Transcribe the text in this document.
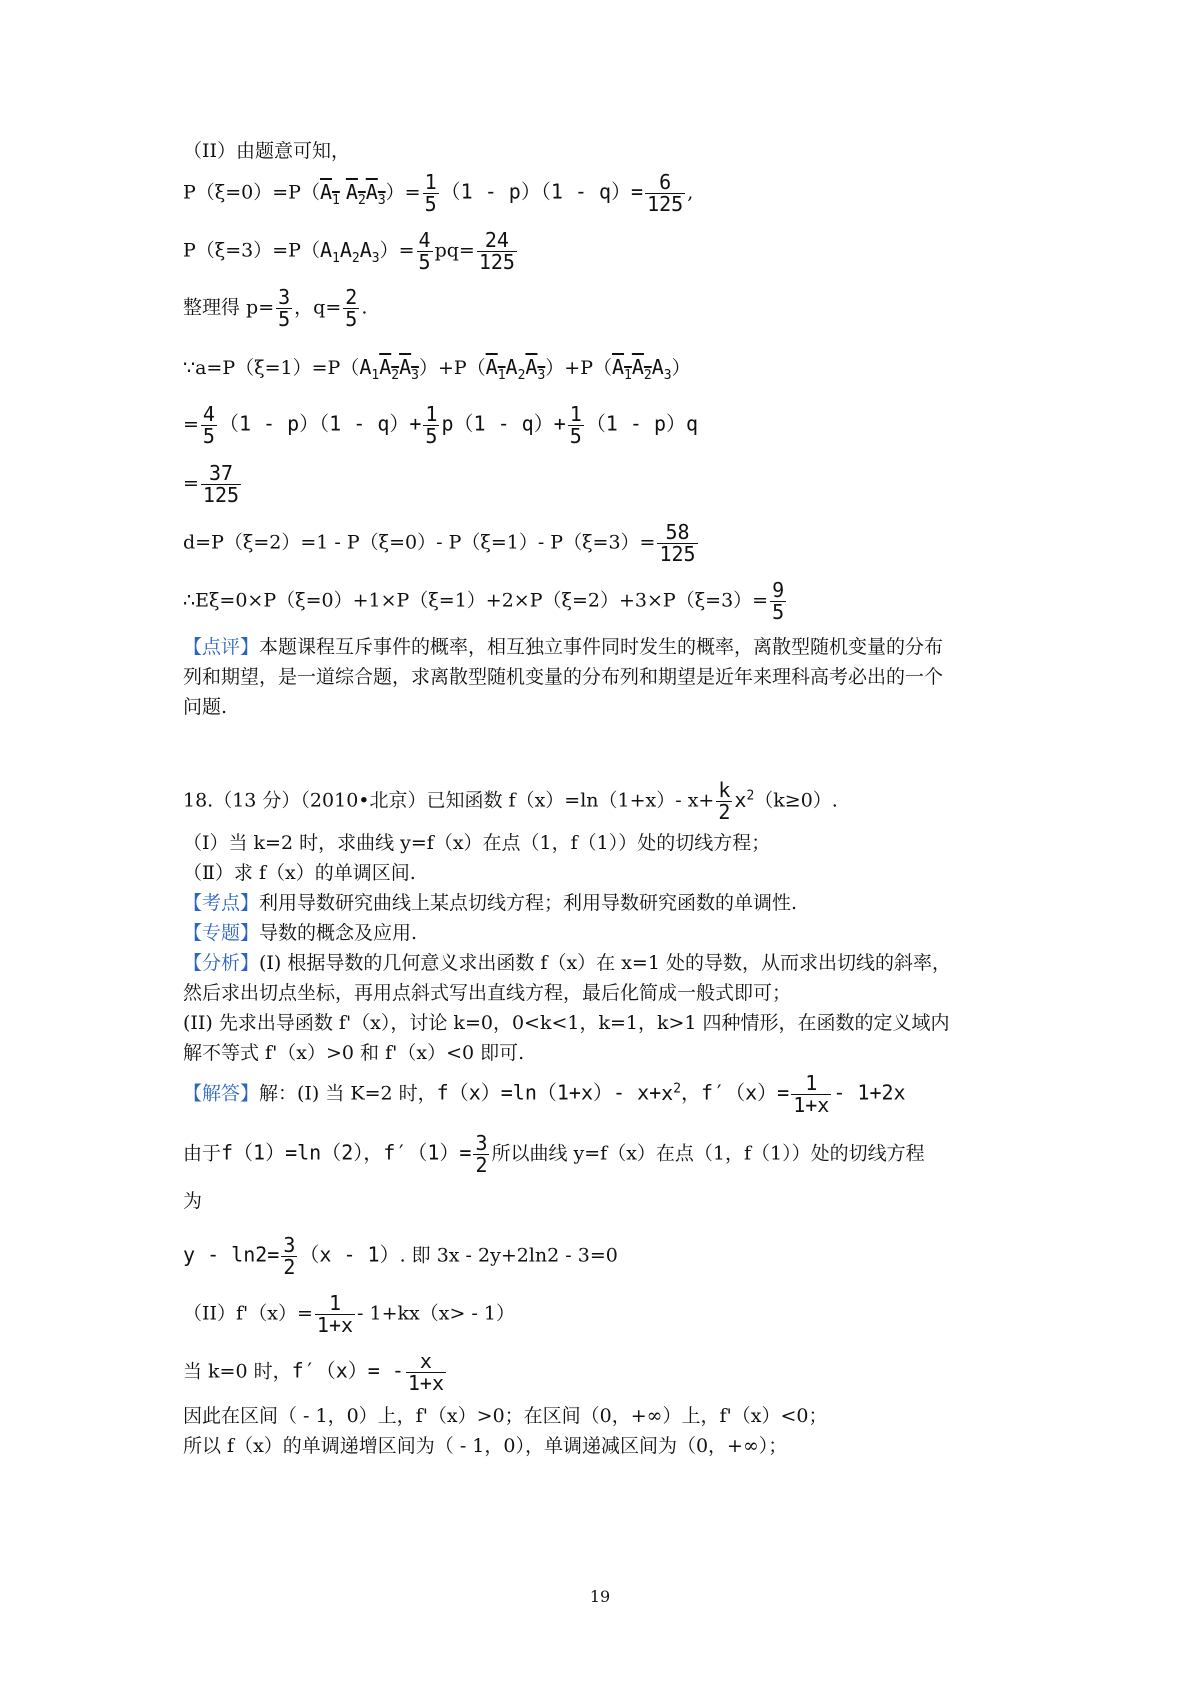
（II）由题意可知，
$P(\xi=0)=P(A_1$ $A_2A_3)= \frac{1}{5} (1 - p)(1 - q)= \frac{6}{125}$ ,
$P(\xi=3)=P(A_1A_2A_3)= \frac{4}{5} pq= \frac{24}{125}$
整理得 $p= \frac{3}{5}$ ，$q= \frac{2}{5}$ .
$\because a=P(\xi=1)=P(A_1A_2A_3)+P(A_1A_2A_3)+P(A_1A_2A_3)$
= $\frac{4}{5} (1 - p)(1 - q)+ \frac{1}{5} p(1 - q)+ \frac{1}{5} (1 - p)q$
= $\frac{37}{125}$
d=P（ξ=2）=1 - P（ξ=0）- P（ξ=1）- $P(\xi=3)= \frac{58}{125}$
∴Eξ=0×P（ξ=0）+1×P（ξ=1）+2×P（ξ=2）+3×P（ξ=3）= $\frac{9}{5}$
【点评】本题课程互斥事件的概率，相互独立事件同时发生的概率，离散型随机变量的分布
列和期望，是一道综合题，求离散型随机变量的分布列和期望是近年来理科高考必出的一个
问题.
18.（13 分）（2010•北京）已知函数 f（x）=ln（1+x）- $x+ \frac{k}{2} x^2(k\ge 0)$.
（Ⅰ）当 k=2 时，求曲线 y=f（x）在点（1，f（1））处的切线方程；
（Ⅱ）求 f（x）的单调区间.
【考点】利用导数研究曲线上某点切线方程；利用导数研究函数的单调性.
【专题】导数的概念及应用.
【分析】(I) 根据导数的几何意义求出函数 f（x）在 x=1 处的导数，从而求出切线的斜率，
然后求出切点坐标，再用点斜式写出直线方程，最后化简成一般式即可；
(II) 先求出导函数 f'（x），讨论 k=0，0<k<1，k=1，k>1 四种情形，在函数的定义域内
解不等式 f'（x）>0 和 f'（x）<0 即可.
【解答】解：(I) 当 K=2 时，f（x）=ln（1+x）- $x+x^2$，$f'(x)= \frac{1}{1+x} - 1+2x$
由于f（1）=ln（2），$f'(1)= \frac{3}{2}$ 所以曲线 y=f（x）在点（1，f（1））处的切线方程
为
$y - \ln 2= \frac{3}{2} (x - 1)$. 即 3x - 2y+2ln2 - 3=0
$(II)f'(x)= \frac{1}{1+x} - 1+kx(x> - 1)$
当 k=0 时，$f'(x)= - \frac{x}{1+x}$
因此在区间（ - 1，0）上，f'（x）>0；在区间（0，+∞）上，f'（x）<0；
所以 f（x）的单调递增区间为（ - 1，0），单调递减区间为（0，+∞）；
19
